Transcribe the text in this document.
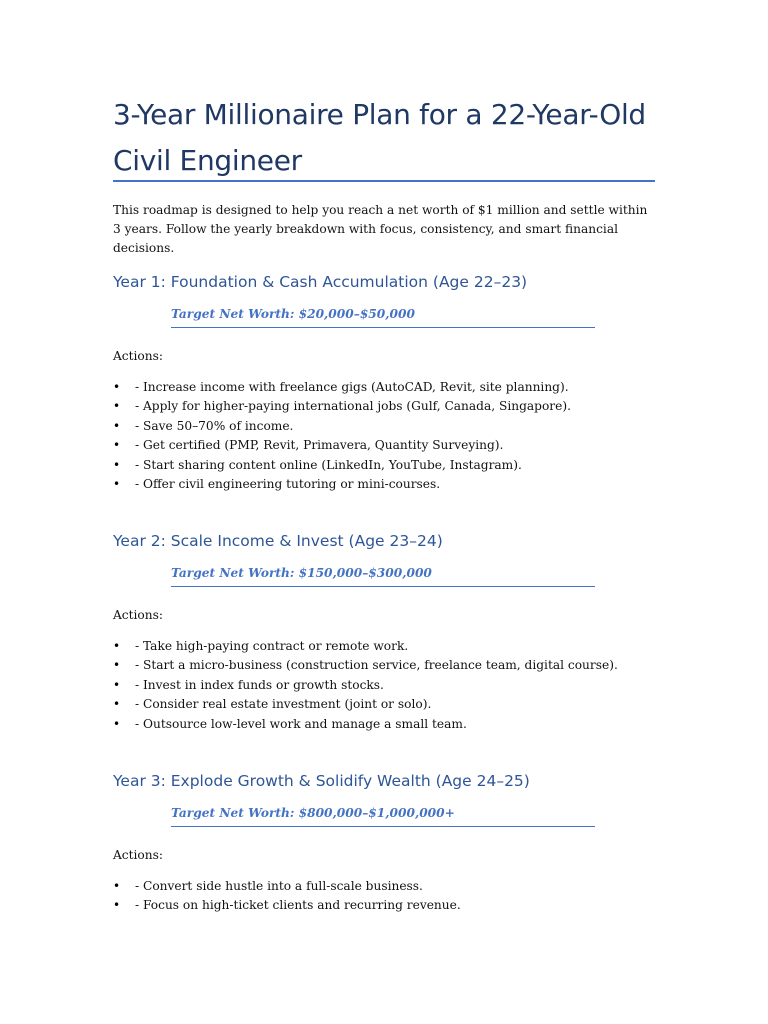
3-Year Millionaire Plan for a 22-Year-Old Civil Engineer

This roadmap is designed to help you reach a net worth of $1 million and settle within 3 years. Follow the yearly breakdown with focus, consistency, and smart financial decisions.

Year 1: Foundation & Cash Accumulation (Age 22–23)
Target Net Worth: $20,000–$50,000

Actions:

• - Increase income with freelance gigs (AutoCAD, Revit, site planning).
• - Apply for higher-paying international jobs (Gulf, Canada, Singapore).
• - Save 50–70% of income.
• - Get certified (PMP, Revit, Primavera, Quantity Surveying).
• - Start sharing content online (LinkedIn, YouTube, Instagram).
• - Offer civil engineering tutoring or mini-courses.
Year 2: Scale Income & Invest (Age 23–24)
Target Net Worth: $150,000–$300,000

Actions:

• - Take high-paying contract or remote work.
• - Start a micro-business (construction service, freelance team, digital course).
• - Invest in index funds or growth stocks.
• - Consider real estate investment (joint or solo).
• - Outsource low-level work and manage a small team.
Year 3: Explode Growth & Solidify Wealth (Age 24–25)
Target Net Worth: $800,000–$1,000,000+

Actions:

• - Convert side hustle into a full-scale business.
• - Focus on high-ticket clients and recurring revenue.
